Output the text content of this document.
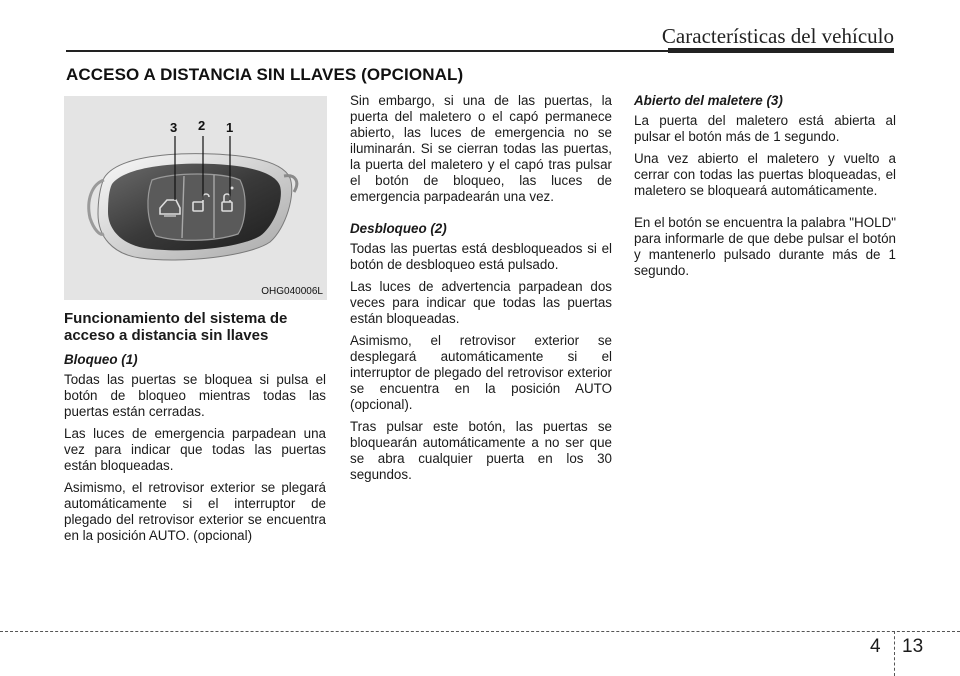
Características del vehículo
ACCESO A DISTANCIA SIN LLAVES (OPCIONAL)
3 2 1
OHG040006L
Funcionamiento del sistema de acceso a distancia sin llaves
Bloqueo (1)

Todas las puertas se bloquea si pulsa el botón de bloqueo mientras todas las puertas están cerradas.

Las luces de emergencia parpadean una vez para indicar que todas las puertas están bloqueadas.

Asimismo, el retrovisor exterior se plegará automáticamente si el interruptor de plegado del retrovisor exterior se encuentra en la posición AUTO. (opcional)

Sin embargo, si una de las puertas, la puerta del maletero o el capó permanece abierto, las luces de emergencia no se iluminarán. Si se cierran todas las puertas, la puerta del maletero y el capó tras pulsar el botón de bloqueo, las luces de emergencia parpadearán una vez.

Desbloqueo (2)

Todas las puertas está desbloqueados si el botón de desbloqueo está pulsado.

Las luces de advertencia parpadean dos veces para indicar que todas las puertas están bloqueadas.

Asimismo, el retrovisor exterior se desplegará automáticamente si el interruptor de plegado del retrovisor exterior se encuentra en la posición AUTO (opcional).

Tras pulsar este botón, las puertas se bloquearán automáticamente a no ser que se abra cualquier puerta en los 30 segundos.

Abierto del maletere (3)

La puerta del maletero está abierta al pulsar el botón más de 1 segundo.

Una vez abierto el maletero y vuelto a cerrar con todas las puertas bloqueadas, el maletero se bloqueará automáticamente.

En el botón se encuentra la palabra "HOLD" para informarle de que debe pulsar el botón y mantenerlo pulsado durante más de 1 segundo.

4 13
